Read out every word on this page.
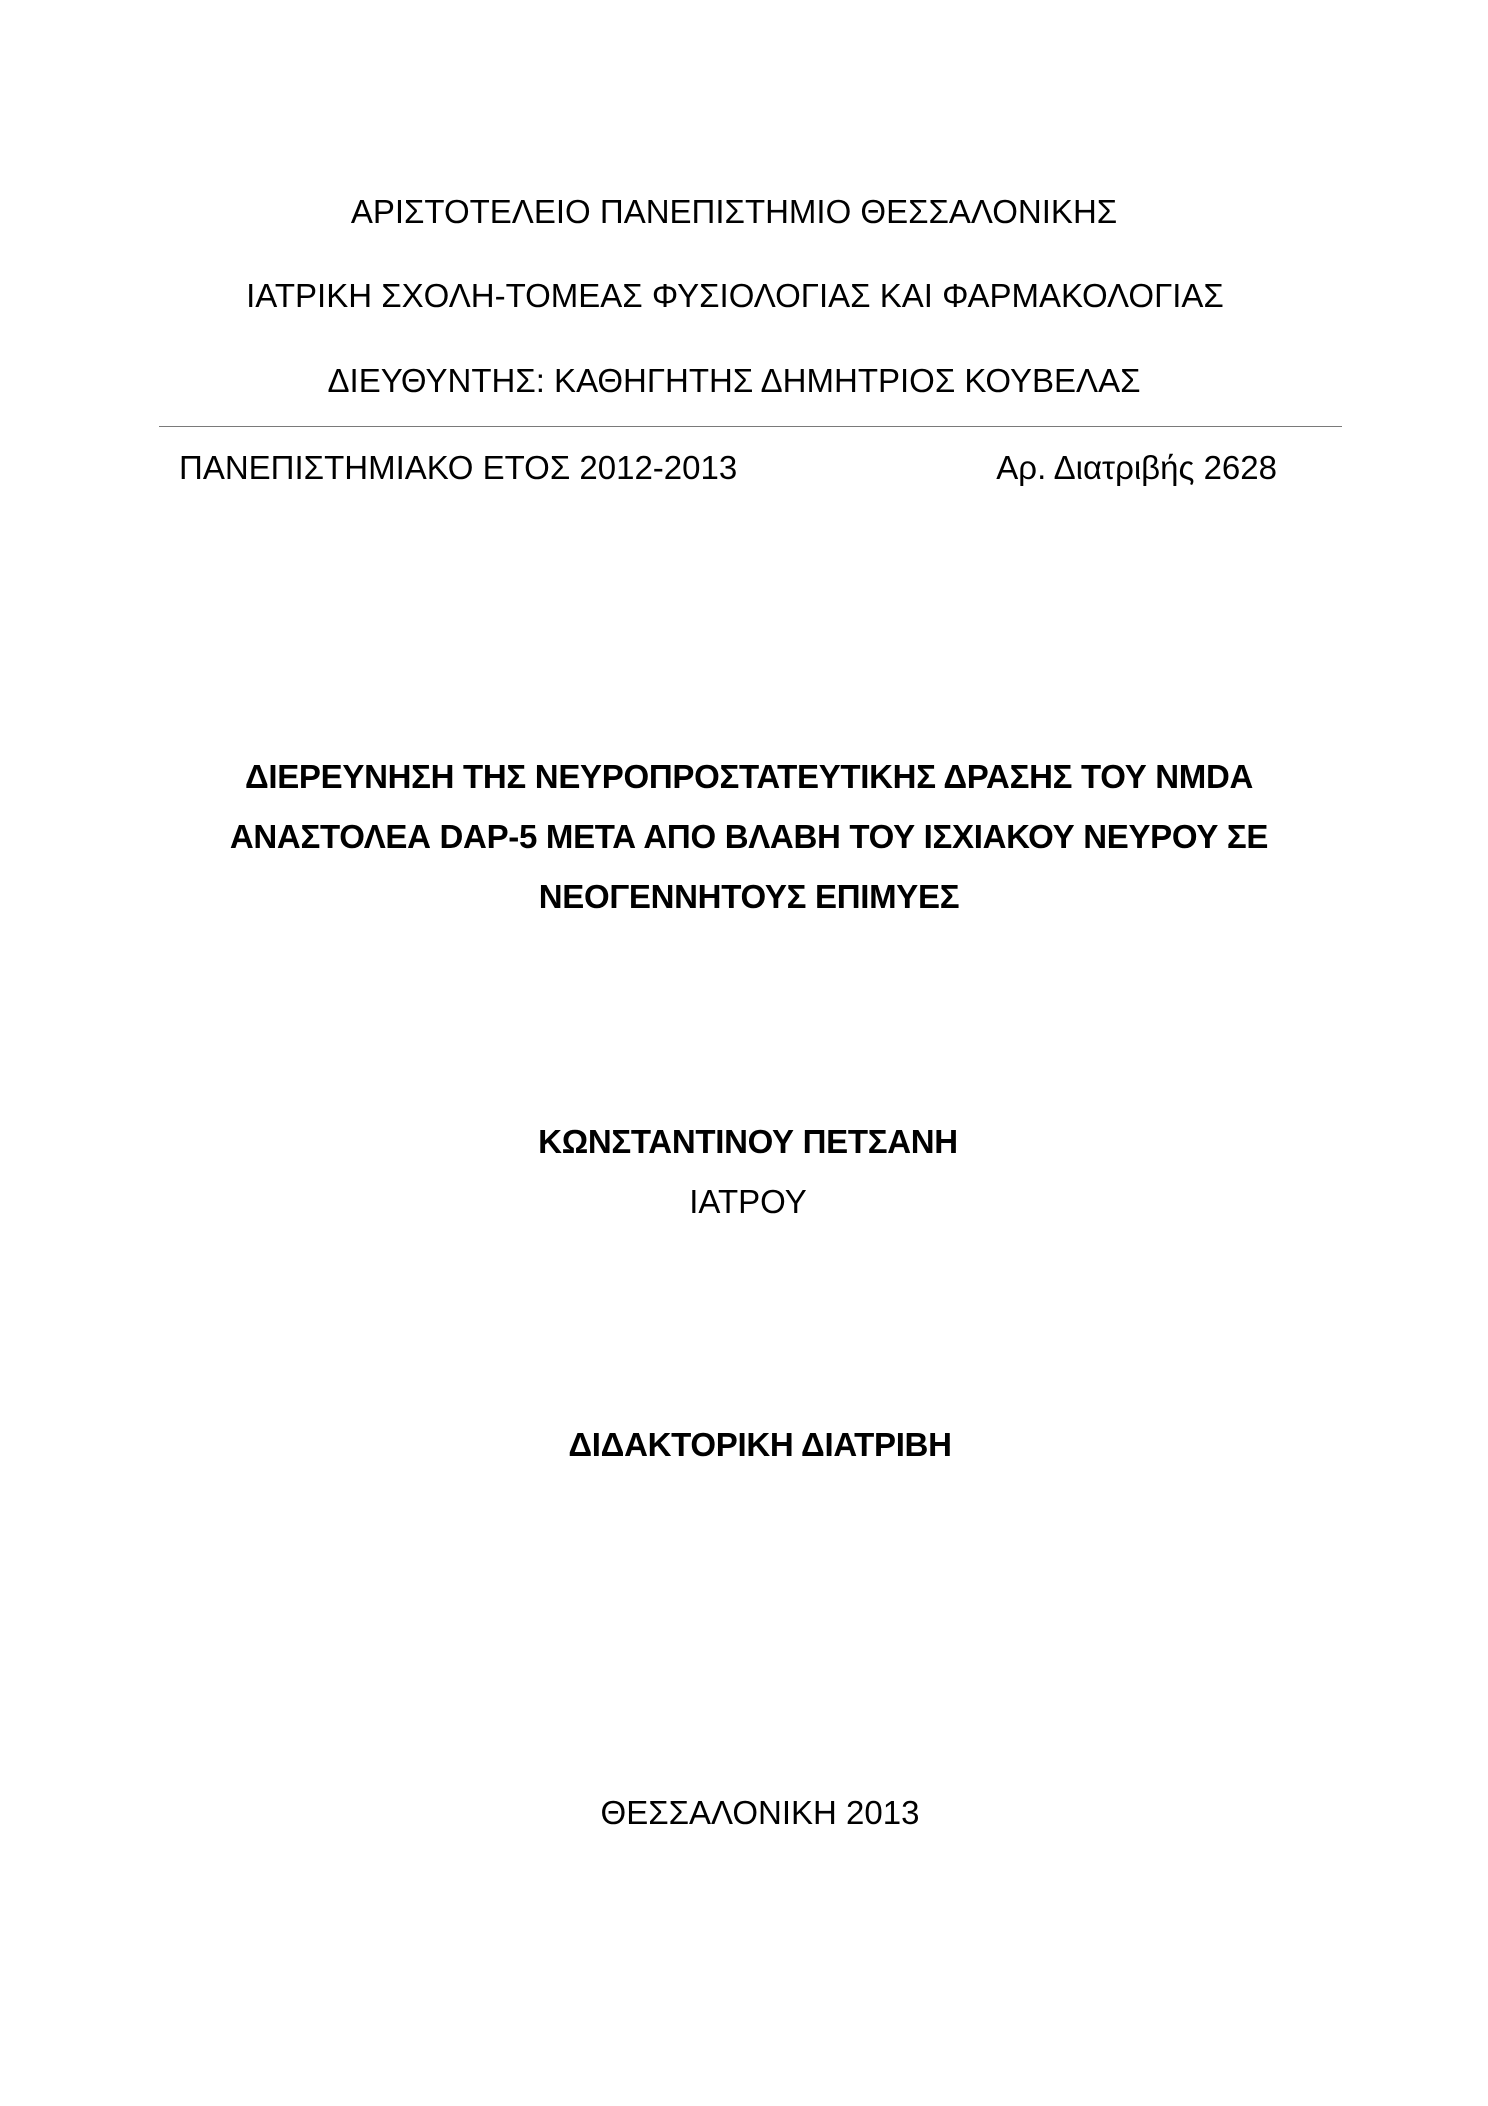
ΑΡΙΣΤΟΤΕΛΕΙΟ ΠΑΝΕΠΙΣΤΗΜΙΟ ΘΕΣΣΑΛΟΝΙΚΗΣ
ΙΑΤΡΙΚΗ ΣΧΟΛΗ-ΤΟΜΕΑΣ ΦΥΣΙΟΛΟΓΙΑΣ ΚΑΙ ΦΑΡΜΑΚΟΛΟΓΙΑΣ
ΔΙΕΥΘΥΝΤΗΣ: ΚΑΘΗΓΗΤΗΣ ΔΗΜΗΤΡΙΟΣ ΚΟΥΒΕΛΑΣ
ΠΑΝΕΠΙΣΤΗΜΙΑΚΟ ΕΤΟΣ 2012-2013	Αρ. Διατριβής 2628
ΔΙΕΡΕΥΝΗΣΗ ΤΗΣ ΝΕΥΡΟΠΡΟΣΤΑΤΕΥΤΙΚΗΣ ΔΡΑΣΗΣ ΤΟΥ NMDA
ΑΝΑΣΤΟΛΕΑ DAP-5 ΜΕΤΑ ΑΠΟ ΒΛΑΒΗ ΤΟΥ ΙΣΧΙΑΚΟΥ ΝΕΥΡΟΥ ΣΕ
ΝΕΟΓΕΝΝΗΤΟΥΣ ΕΠΙΜΥΕΣ
ΚΩΝΣΤΑΝΤΙΝΟΥ ΠΕΤΣΑΝΗ
ΙΑΤΡΟΥ
ΔΙΔΑΚΤΟΡΙΚΗ ΔΙΑΤΡΙΒΗ
ΘΕΣΣΑΛΟΝΙΚΗ 2013
